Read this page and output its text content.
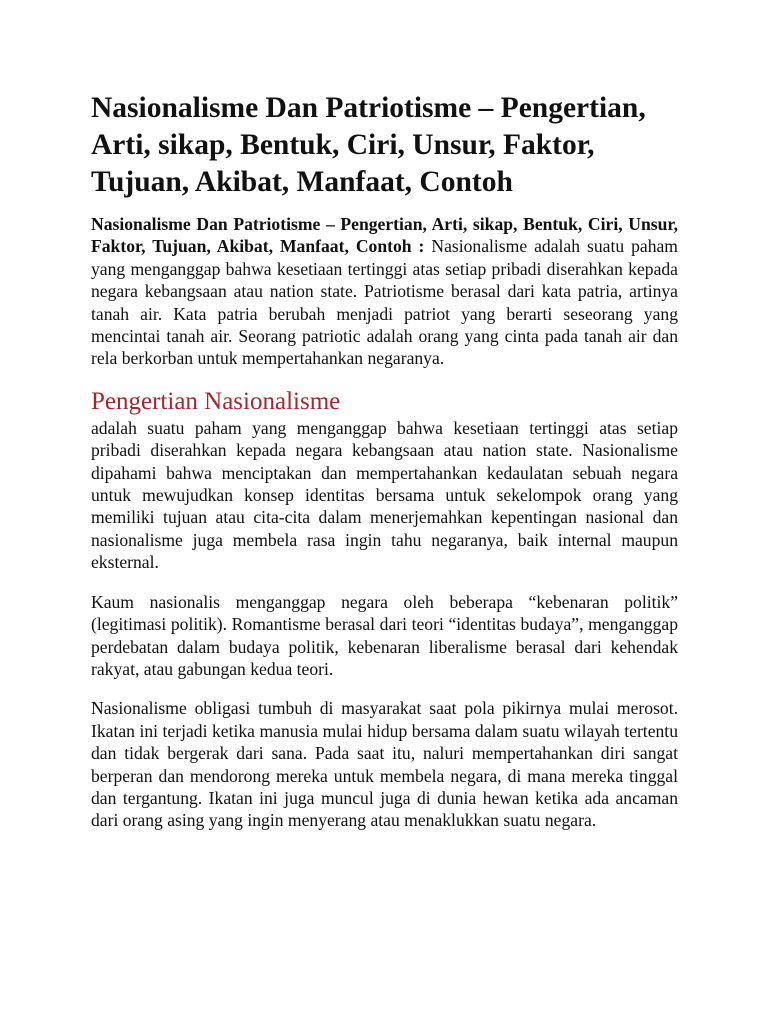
Nasionalisme Dan Patriotisme – Pengertian, Arti, sikap, Bentuk, Ciri, Unsur, Faktor, Tujuan, Akibat, Manfaat, Contoh

Nasionalisme Dan Patriotisme – Pengertian, Arti, sikap, Bentuk, Ciri, Unsur, Faktor, Tujuan, Akibat, Manfaat, Contoh : Nasionalisme adalah suatu paham yang menganggap bahwa kesetiaan tertinggi atas setiap pribadi diserahkan kepada negara kebangsaan atau nation state. Patriotisme berasal dari kata patria, artinya tanah air. Kata patria berubah menjadi patriot yang berarti seseorang yang mencintai tanah air. Seorang patriotic adalah orang yang cinta pada tanah air dan rela berkorban untuk mempertahankan negaranya.

Pengertian Nasionalisme

adalah suatu paham yang menganggap bahwa kesetiaan tertinggi atas setiap pribadi diserahkan kepada negara kebangsaan atau nation state. Nasionalisme dipahami bahwa menciptakan dan mempertahankan kedaulatan sebuah negara untuk mewujudkan konsep identitas bersama untuk sekelompok orang yang memiliki tujuan atau cita-cita dalam menerjemahkan kepentingan nasional dan nasionalisme juga membela rasa ingin tahu negaranya, baik internal maupun eksternal.

Kaum nasionalis menganggap negara oleh beberapa “kebenaran politik” (legitimasi politik). Romantisme berasal dari teori “identitas budaya”, menganggap perdebatan dalam budaya politik, kebenaran liberalisme berasal dari kehendak rakyat, atau gabungan kedua teori.

Nasionalisme obligasi tumbuh di masyarakat saat pola pikirnya mulai merosot. Ikatan ini terjadi ketika manusia mulai hidup bersama dalam suatu wilayah tertentu dan tidak bergerak dari sana. Pada saat itu, naluri mempertahankan diri sangat berperan dan mendorong mereka untuk membela negara, di mana mereka tinggal dan tergantung. Ikatan ini juga muncul juga di dunia hewan ketika ada ancaman dari orang asing yang ingin menyerang atau menaklukkan suatu negara.
